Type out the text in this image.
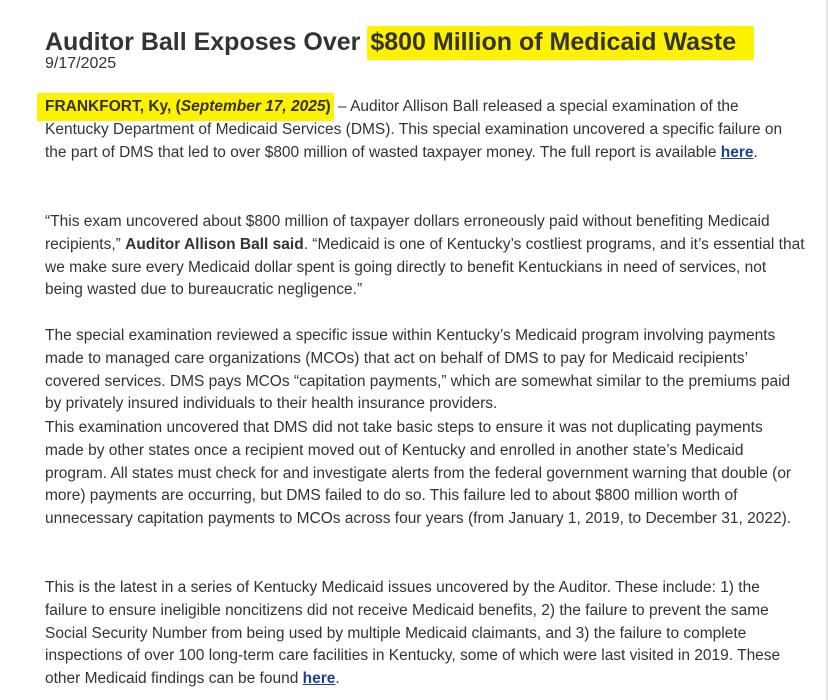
Auditor Ball Exposes Over $800 Million of Medicaid Waste
9/17/2025

FRANKFORT, Ky, (September 17, 2025) – Auditor Allison Ball released a special examination of the Kentucky Department of Medicaid Services (DMS). This special examination uncovered a specific failure on the part of DMS that led to over $800 million of wasted taxpayer money. The full report is available here.

“This exam uncovered about $800 million of taxpayer dollars erroneously paid without benefiting Medicaid recipients,” Auditor Allison Ball said. “Medicaid is one of Kentucky’s costliest programs, and it’s essential that we make sure every Medicaid dollar spent is going directly to benefit Kentuckians in need of services, not being wasted due to bureaucratic negligence.”

The special examination reviewed a specific issue within Kentucky’s Medicaid program involving payments made to managed care organizations (MCOs) that act on behalf of DMS to pay for Medicaid recipients’ covered services. DMS pays MCOs “capitation payments,” which are somewhat similar to the premiums paid by privately insured individuals to their health insurance providers.

This examination uncovered that DMS did not take basic steps to ensure it was not duplicating payments made by other states once a recipient moved out of Kentucky and enrolled in another state’s Medicaid program. All states must check for and investigate alerts from the federal government warning that double (or more) payments are occurring, but DMS failed to do so. This failure led to about $800 million worth of unnecessary capitation payments to MCOs across four years (from January 1, 2019, to December 31, 2022).

This is the latest in a series of Kentucky Medicaid issues uncovered by the Auditor. These include: 1) the failure to ensure ineligible noncitizens did not receive Medicaid benefits, 2) the failure to prevent the same Social Security Number from being used by multiple Medicaid claimants, and 3) the failure to complete inspections of over 100 long-term care facilities in Kentucky, some of which were last visited in 2019. These other Medicaid findings can be found here.
